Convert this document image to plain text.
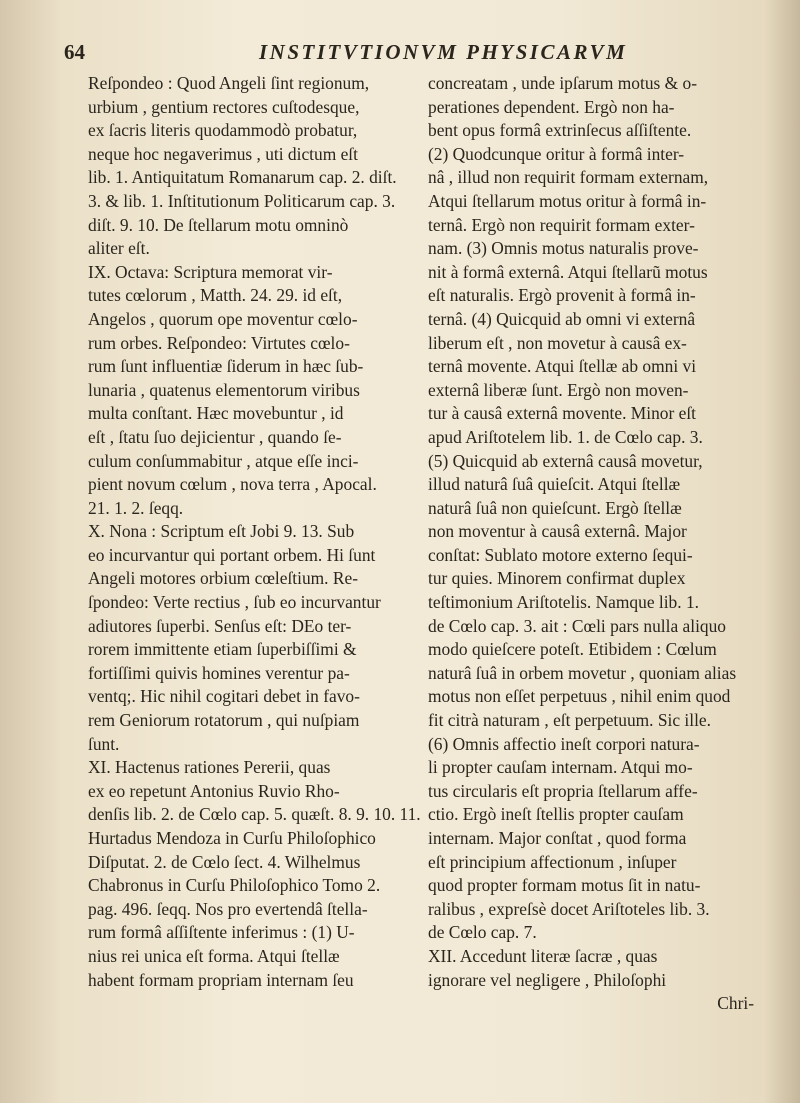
64	INSTITVTIONVM PHYSICARVM
Reſpondeo : Quod Angeli ſint regionum,
urbium , gentium rectores cuſtodesque,
ex ſacris literis quodammodò probatur,
neque hoc negaverimus , uti dictum eſt
lib. 1. Antiquitatum Romanarum cap. 2. diſt.
3. & lib. 1. Inſtitutionum Politicarum cap. 3.
diſt. 9. 10. De ſtellarum motu omninò
aliter eſt.
IX. Octava: Scriptura memorat vir-
tutes cœlorum , Matth. 24. 29. id eſt,
Angelos , quorum ope moventur cœlo-
rum orbes. Reſpondeo: Virtutes cœlo-
rum ſunt influentiæ ſiderum in hæc ſub-
lunaria , quatenus elementorum viribus
multa conſtant. Hæc movebuntur , id
eſt , ſtatu ſuo dejicientur , quando ſe-
culum conſummabitur , atque eſſe inci-
pient novum cœlum , nova terra , Apocal.
21. 1. 2. ſeqq.
X. Nona : Scriptum eſt Jobi 9. 13. Sub
eo incurvantur qui portant orbem. Hi ſunt
Angeli motores orbium cœleſtium. Re-
ſpondeo: Verte rectius , ſub eo incurvantur
adiutores ſuperbi. Senſus eſt: DEo ter-
rorem immittente etiam ſuperbiſſimi &
fortiſſimi quivis homines verentur pa-
ventq;. Hic nihil cogitari debet in favo-
rem Geniorum rotatorum , qui nuſpiam
ſunt.
XI. Hactenus rationes Pererii, quas
ex eo repetunt Antonius Ruvio Rho-
denſis lib. 2. de Cœlo cap. 5. quæſt. 8. 9. 10. 11.
Hurtadus Mendoza in Curſu Philoſophico
Diſputat. 2. de Cœlo ſect. 4. Wilhelmus
Chabronus in Curſu Philoſophico Tomo 2.
pag. 496. ſeqq. Nos pro evertendâ ſtella-
rum formâ aſſiſtente inferimus : (1) U-
nius rei unica eſt forma. Atqui ſtellæ
habent formam propriam internam ſeu
concreatam , unde ipſarum motus & o-
perationes dependent. Ergò non ha-
bent opus formâ extrinſecus aſſiſtente.
(2) Quodcunque oritur à formâ inter-
nâ , illud non requirit formam externam,
Atqui ſtellarum motus oritur à formâ in-
ternâ. Ergò non requirit formam exter-
nam. (3) Omnis motus naturalis prove-
nit à formâ externâ. Atqui ſtellarũ motus
eſt naturalis. Ergò provenit à formâ in-
ternâ. (4) Quicquid ab omni vi externâ
liberum eſt , non movetur à causâ ex-
ternâ movente. Atqui ſtellæ ab omni vi
externâ liberæ ſunt. Ergò non moven-
tur à causâ externâ movente. Minor eſt
apud Ariſtotelem lib. 1. de Cœlo cap. 3.
(5) Quicquid ab externâ causâ movetur,
illud naturâ ſuâ quieſcit. Atqui ſtellæ
naturâ ſuâ non quieſcunt. Ergò ſtellæ
non moventur à causâ externâ. Major
conſtat: Sublato motore externo ſequi-
tur quies. Minorem confirmat duplex
teſtimonium Ariſtotelis. Namque lib. 1.
de Cœlo cap. 3. ait : Cœli pars nulla aliquo
modo quieſcere poteſt. Etibidem : Cœlum
naturâ ſuâ in orbem movetur , quoniam alias
motus non eſſet perpetuus , nihil enim quod
fit citrà naturam , eſt perpetuum. Sic ille.
(6) Omnis affectio ineſt corpori natura-
li propter cauſam internam. Atqui mo-
tus circularis eſt propria ſtellarum affe-
ctio. Ergò ineſt ſtellis propter cauſam
internam. Major conſtat , quod forma
eſt principium affectionum , inſuper
quod propter formam motus ſit in natu-
ralibus , expreſsè docet Ariſtoteles lib. 3.
de Cœlo cap. 7.
XII. Accedunt literæ ſacræ , quas
ignorare vel negligere , Philoſophi
Chri-
